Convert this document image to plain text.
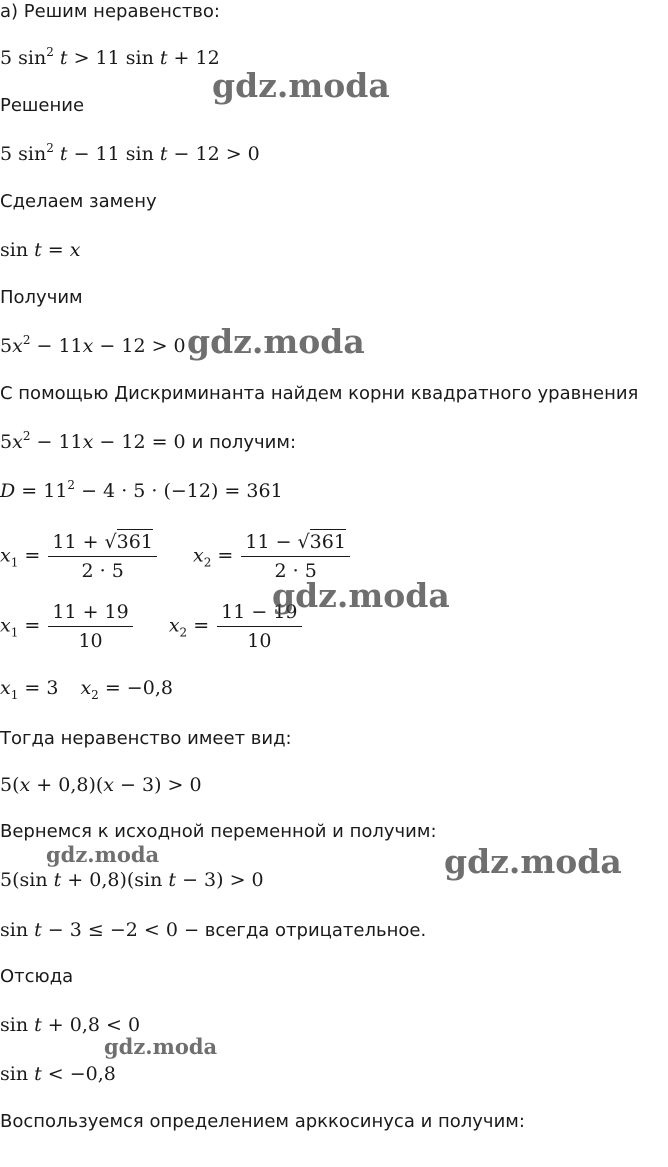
а) Решим неравенство:
5 $\sin^2 t > 11$ sin t + 12
Решение
5 $\sin^2 t - 11$ sin t − 12 > 0
Сделаем замену
sin t = x
Получим
$5x^2 - 11x - 12 > 0$
С помощью Дискриминанта найдем корни квадратного уравнения
$5x^2 - 11x - 12 = 0$ и получим:
$D = 11^2 - 4 \cdot 5 \cdot (-12) = 361$
$x_1 = \frac{11 + √361}{2 \cdot 5} x_2 = \frac{11 - √361}{2 \cdot 5}$
$x_1 = \frac{11 + 19}{10} x_2 = \frac{11 - 19}{10}$
$x_1 = 3$ $x_2 = -0,8$
Тогда неравенство имеет вид:
5(x + 0,8)(x − 3) > 0
Вернемся к исходной переменной и получим:
5(sin t + 0,8)(sin t − 3) > 0
sin t − 3 ≤ −2 < 0 − всегда отрицательное.
Отсюда
sin t + 0,8 < 0
sin t < −0,8
Воспользуемся определением арккосинуса и получим:
gdz.moda
gdz.moda
gdz.moda
gdz.moda	gdz.moda
gdz.moda
